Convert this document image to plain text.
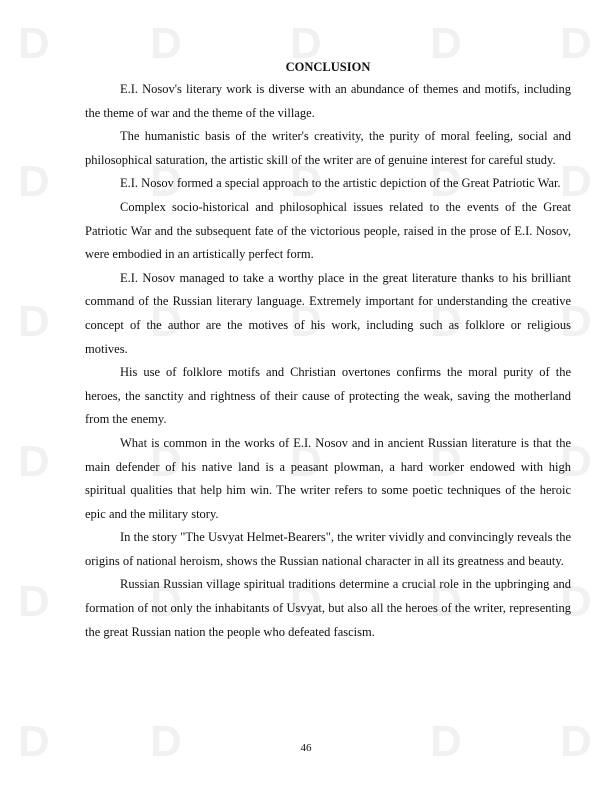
D D D D D
D D D D D
D D D D D
D D D D D
D D D D D
D D	D D
CONCLUSION

E.I. Nosov's literary work is diverse with an abundance of themes and motifs, including the theme of war and the theme of the village.

The humanistic basis of the writer's creativity, the purity of moral feeling, social and philosophical saturation, the artistic skill of the writer are of genuine interest for careful study.

E.I. Nosov formed a special approach to the artistic depiction of the Great Patriotic War.

Complex socio-historical and philosophical issues related to the events of the Great Patriotic War and the subsequent fate of the victorious people, raised in the prose of E.I. Nosov, were embodied in an artistically perfect form.

E.I. Nosov managed to take a worthy place in the great literature thanks to his brilliant command of the Russian literary language. Extremely important for understanding the creative concept of the author are the motives of his work, including such as folklore or religious motives.

His use of folklore motifs and Christian overtones confirms the moral purity of the heroes, the sanctity and rightness of their cause of protecting the weak, saving the motherland from the enemy.

What is common in the works of E.I. Nosov and in ancient Russian literature is that the main defender of his native land is a peasant plowman, a hard worker endowed with high spiritual qualities that help him win. The writer refers to some poetic techniques of the heroic epic and the military story.

In the story "The Usvyat Helmet-Bearers", the writer vividly and convincingly reveals the origins of national heroism, shows the Russian national character in all its greatness and beauty.

Russian Russian village spiritual traditions determine a crucial role in the upbringing and formation of not only the inhabitants of Usvyat, but also all the heroes of the writer, representing the great Russian nation the people who defeated fascism.

46
